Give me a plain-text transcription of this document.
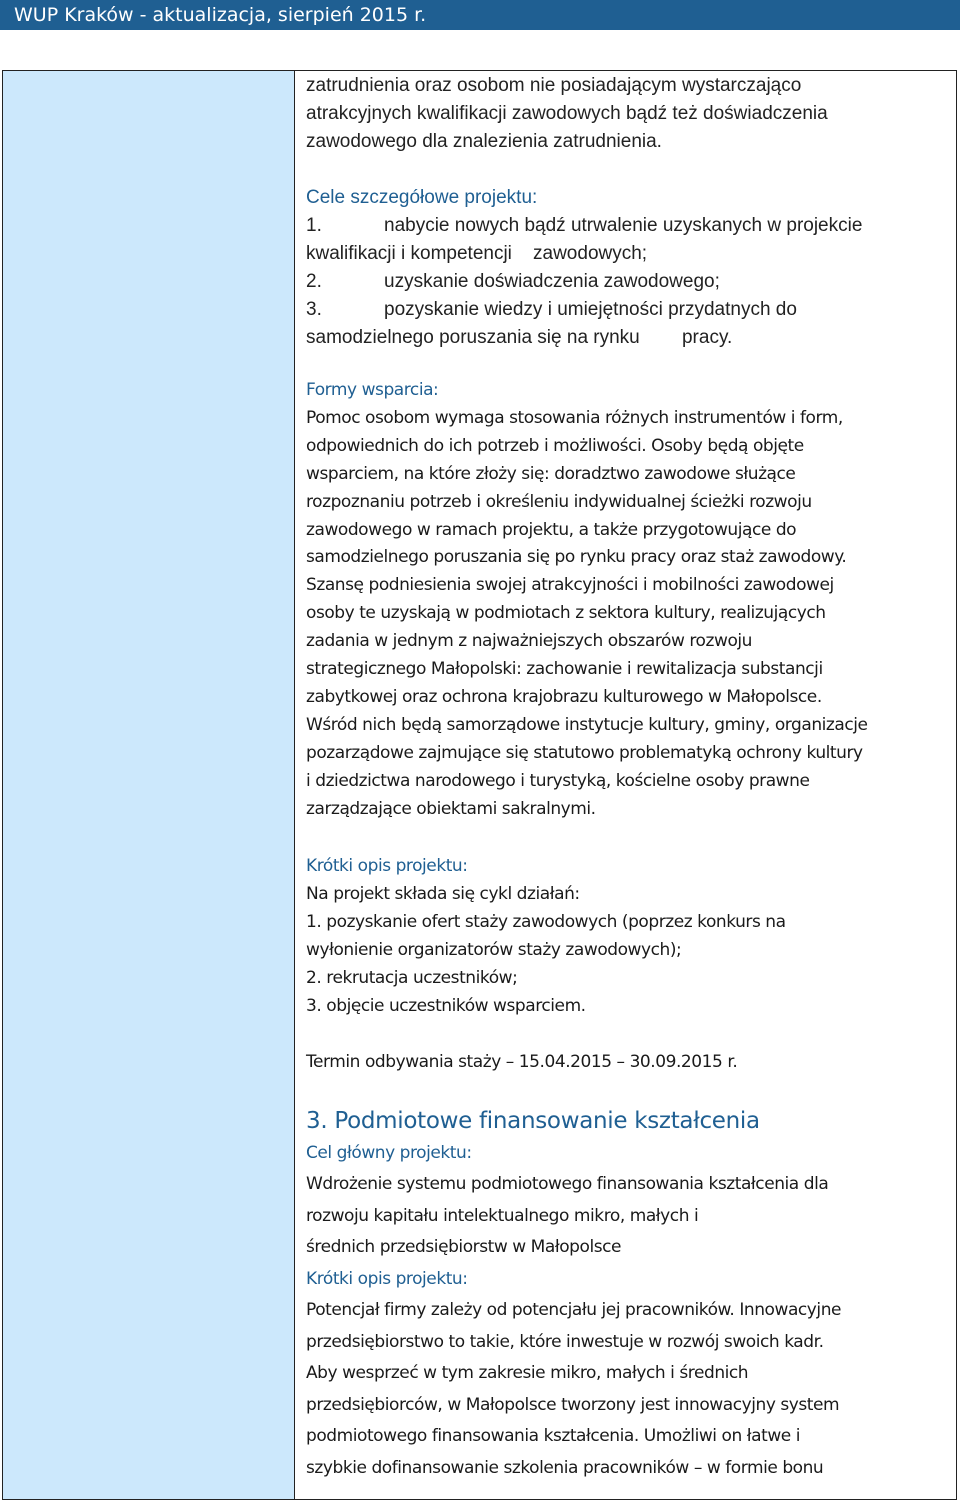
WUP Kraków - aktualizacja, sierpień 2015 r.
zatrudnienia oraz osobom nie posiadającym wystarczająco
atrakcyjnych kwalifikacji zawodowych bądź też doświadczenia
zawodowego dla znalezienia zatrudnienia.
Cele szczegółowe projektu:
1.	nabycie nowych bądź utrwalenie uzyskanych w projekcie
kwalifikacji i kompetencji    zawodowych;
2.	uzyskanie doświadczenia zawodowego;
3.	pozyskanie wiedzy i umiejętności przydatnych do
samodzielnego poruszania się na rynku        pracy.
Formy wsparcia:
Pomoc osobom wymaga stosowania różnych instrumentów i form,
odpowiednich do ich potrzeb i możliwości. Osoby będą objęte
wsparciem, na które złoży się: doradztwo zawodowe służące
rozpoznaniu potrzeb i określeniu indywidualnej ścieżki rozwoju
zawodowego w ramach projektu, a także przygotowujące do
samodzielnego poruszania się po rynku pracy oraz staż zawodowy.
Szansę podniesienia swojej atrakcyjności i mobilności zawodowej
osoby te uzyskają w podmiotach z sektora kultury, realizujących
zadania w jednym z najważniejszych obszarów rozwoju
strategicznego Małopolski: zachowanie i rewitalizacja substancji
zabytkowej oraz ochrona krajobrazu kulturowego w Małopolsce.
Wśród nich będą samorządowe instytucje kultury, gminy, organizacje
pozarządowe zajmujące się statutowo problematyką ochrony kultury
i dziedzictwa narodowego i turystyką, kościelne osoby prawne
zarządzające obiektami sakralnymi.
Krótki opis projektu:
Na projekt składa się cykl działań:
1. pozyskanie ofert staży zawodowych (poprzez konkurs na
wyłonienie organizatorów staży zawodowych);
2. rekrutacja uczestników;
3. objęcie uczestników wsparciem.
Termin odbywania staży – 15.04.2015 – 30.09.2015 r.
3. Podmiotowe finansowanie kształcenia
Cel główny projektu:
Wdrożenie systemu podmiotowego finansowania kształcenia dla
rozwoju kapitału intelektualnego mikro, małych i
średnich przedsiębiorstw w Małopolsce
Krótki opis projektu:
Potencjał firmy zależy od potencjału jej pracowników. Innowacyjne
przedsiębiorstwo to takie, które inwestuje w rozwój swoich kadr.
Aby wesprzeć w tym zakresie mikro, małych i średnich
przedsiębiorców, w Małopolsce tworzony jest innowacyjny system
podmiotowego finansowania kształcenia. Umożliwi on łatwe i
szybkie dofinansowanie szkolenia pracowników – w formie bonu
